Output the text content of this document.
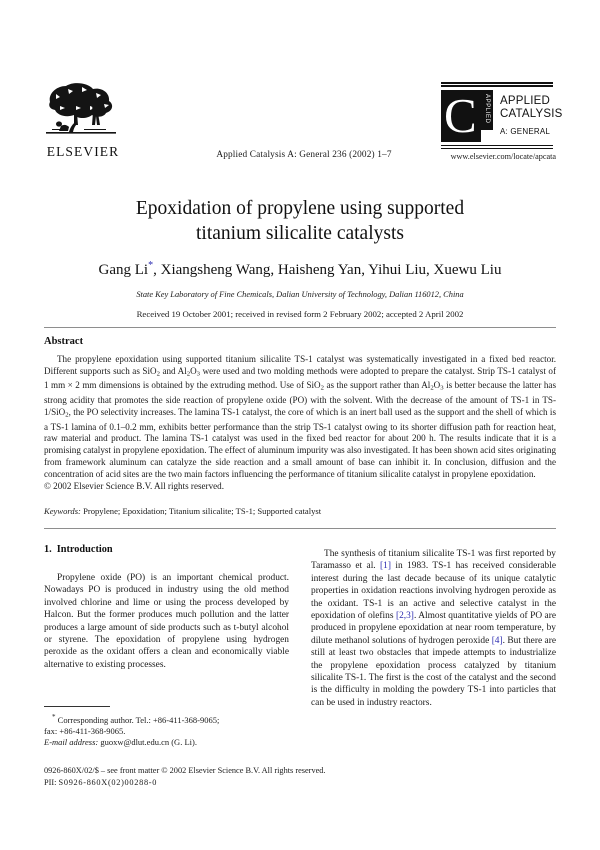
ELSEVIER	Applied Catalysis A: General 236 (2002) 1–7
C APPLIED APPLIED
CATALYSIS
A: GENERAL
www.elsevier.com/locate/apcata
Epoxidation of propylene using supported
titanium silicalite catalysts
Gang Li*, Xiangsheng Wang, Haisheng Yan, Yihui Liu, Xuewu Liu
State Key Laboratory of Fine Chemicals, Dalian University of Technology, Dalian 116012, China
Received 19 October 2001; received in revised form 2 February 2002; accepted 2 April 2002
Abstract

The propylene epoxidation using supported titanium silicalite TS-1 catalyst was systematically investigated in a fixed bed reactor. Different supports such as SiO$_2$ and $Al_2O_3$ were used and two molding methods were adopted to prepare the catalyst. Strip TS-1 catalyst of 1 mm × 2 mm dimensions is obtained by the extruding method. Use of SiO$_2$ as the support rather than $Al_2O_3$ is better because the latter has strong acidity that promotes the side reaction of propylene oxide (PO) with the solvent. With the decrease of the amount of TS-1 in TS-1/SiO$_2$, the PO selectivity increases. The lamina TS-1 catalyst, the core of which is an inert ball used as the support and the shell of which is a TS-1 lamina of 0.1–0.2 mm, exhibits better performance than the strip TS-1 catalyst owing to its shorter diffusion path for reaction heat, raw material and product. The lamina TS-1 catalyst was used in the fixed bed reactor for about 200 h. The results indicate that it is a promising catalyst in propylene epoxidation. The effect of aluminum impurity was also investigated. It has been shown acid sites originating from framework aluminum can catalyze the side reaction and a small amount of base can inhibit it. In conclusion, diffusion and the concentration of acid sites are the two main factors influencing the performance of titanium silicalite catalyst in propylene epoxidation.

© 2002 Elsevier Science B.V. All rights reserved.

Keywords: Propylene; Epoxidation; Titanium silicalite; TS-1; Supported catalyst
1. Introduction

Propylene oxide (PO) is an important chemical product. Nowadays PO is produced in industry using the old method involved chlorine and lime or using the process developed by Halcon. But the former produces much pollution and the latter produces a large amount of side products such as t-butyl alcohol or styrene. The epoxidation of propylene using hydrogen peroxide as the oxidant offers a clean and economically viable alternative to existing processes.

The synthesis of titanium silicalite TS-1 was first reported by Taramasso et al. [1] in 1983. TS-1 has received considerable interest during the last decade because of its unique catalytic properties in oxidation reactions involving hydrogen peroxide as the oxidant. TS-1 is an active and selective catalyst in the epoxidation of olefins [2,3]. Almost quantitative yields of PO are produced in propylene epoxidation at near room temperature, by dilute methanol solutions of hydrogen peroxide [4]. But there are still at least two obstacles that impede attempts to industrialize the propylene epoxidation process catalyzed by titanium silicalite TS-1. The first is the cost of the catalyst and the second is the difficulty in molding the powdery TS-1 into particles that can be used in industry reactors.

* Corresponding author. Tel.: +86-411-368-9065;
fax: +86-411-368-9065.
E-mail address: guoxw@dlut.edu.cn (G. Li).
0926-860X/02/$ – see front matter © 2002 Elsevier Science B.V. All rights reserved.
PII: S0926-860X(02)00288-0
